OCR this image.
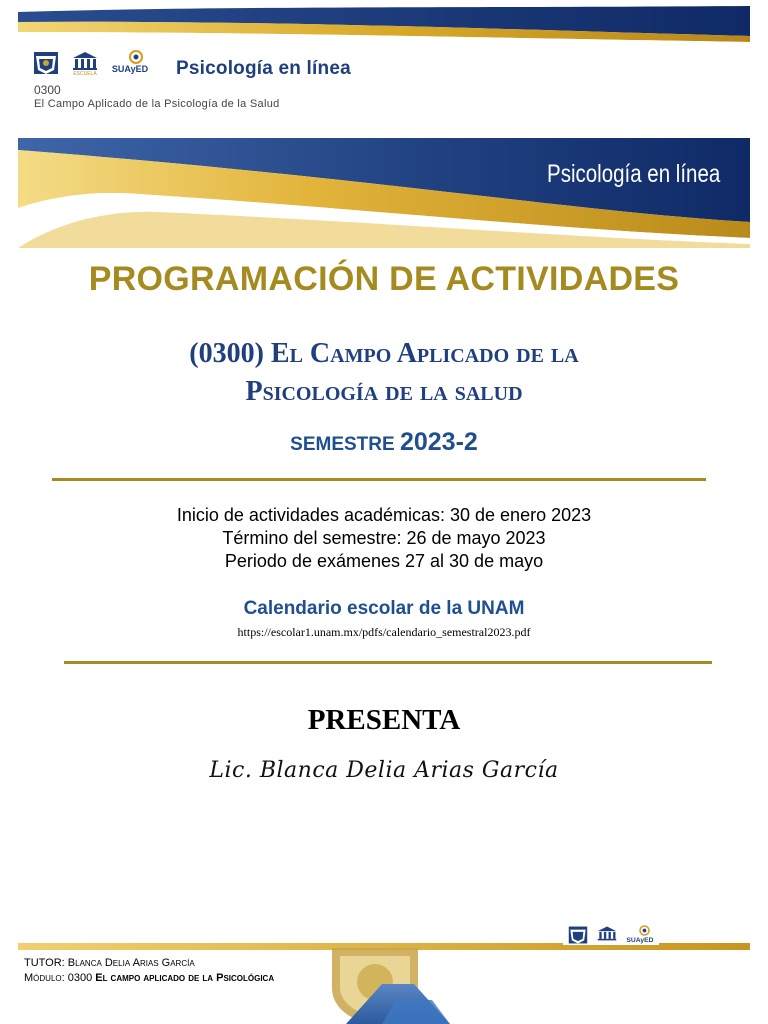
ESCUELA SUAyED Psicología en línea
0300
El Campo Aplicado de la Psicología de la Salud
Psicología en línea
PROGRAMACIÓN DE ACTIVIDADES
(0300) El Campo Aplicado de la
Psicología de la salud
SEMESTRE 2023-2
Inicio de actividades académicas: 30 de enero 2023
Término del semestre: 26 de mayo 2023
Periodo de exámenes 27 al 30 de mayo
Calendario escolar de la UNAM
https://escolar1.unam.mx/pdfs/calendario_semestral2023.pdf
PRESENTA
Lic. Blanca Delia Arias García
SUAyED
TUTOR: Blanca Delia Arias García
Módulo: 0300 El campo aplicado de la Psicológica
